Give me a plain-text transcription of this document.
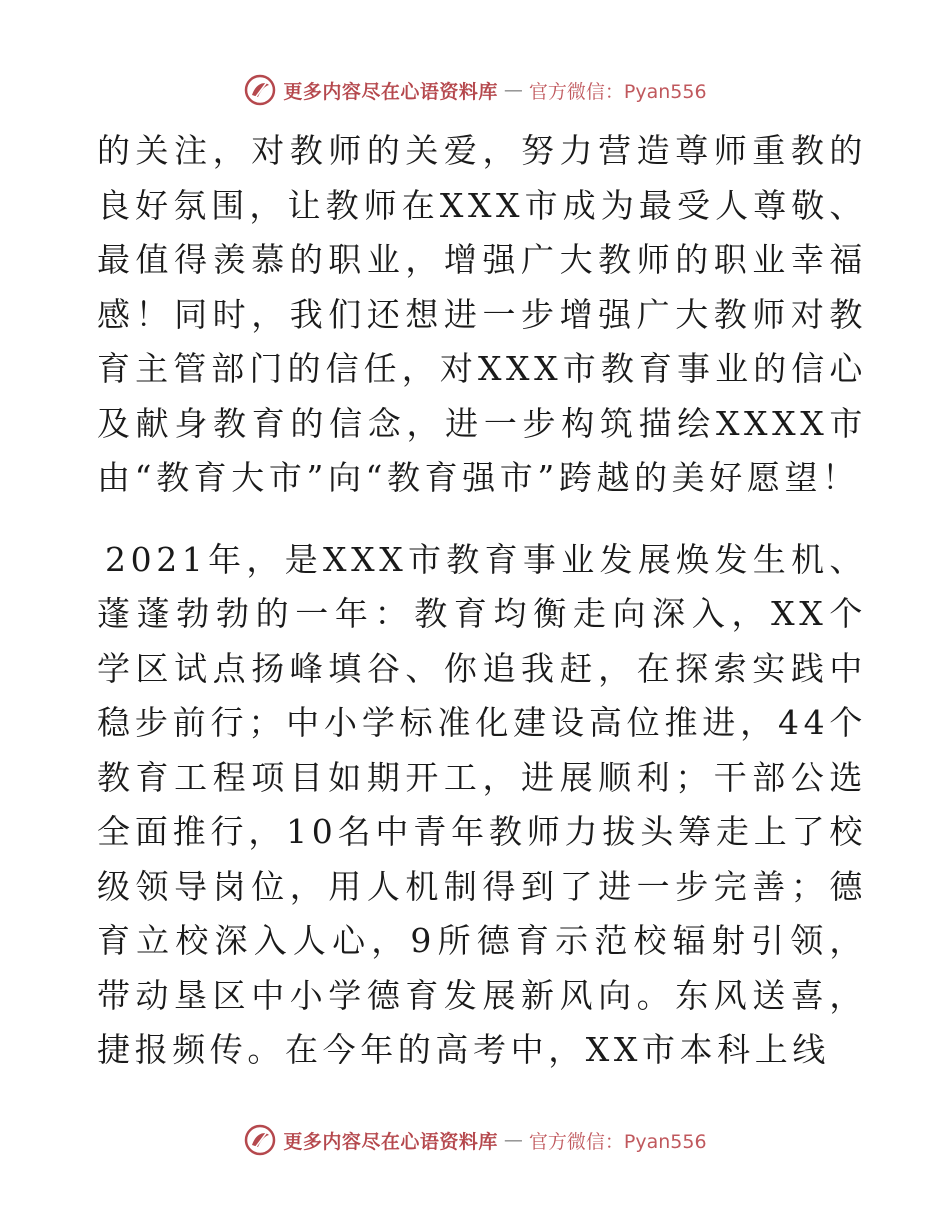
更多内容尽在心语资料库 — 官方微信：Pyan556

的关注，对教师的关爱，努力营造尊师重教的良好氛围，让教师在XXX市成为最受人尊敬、最值得羡慕的职业，增强广大教师的职业幸福感！同时，我们还想进一步增强广大教师对教育主管部门的信任，对XXX市教育事业的信心及献身教育的信念，进一步构筑描绘XXXX市由“教育大市”向“教育强市”跨越的美好愿望！

2021年，是XXX市教育事业发展焕发生机、蓬蓬勃勃的一年：教育均衡走向深入，XX个学区试点扬峰填谷、你追我赶，在探索实践中稳步前行；中小学标准化建设高位推进，44个教育工程项目如期开工，进展顺利；干部公选全面推行，10名中青年教师力拔头筹走上了校级领导岗位，用人机制得到了进一步完善；德育立校深入人心，9所德育示范校辐射引领，带动垦区中小学德育发展新风向。东风送喜，捷报频传。在今年的高考中，XX市本科上线

更多内容尽在心语资料库 — 官方微信：Pyan556
